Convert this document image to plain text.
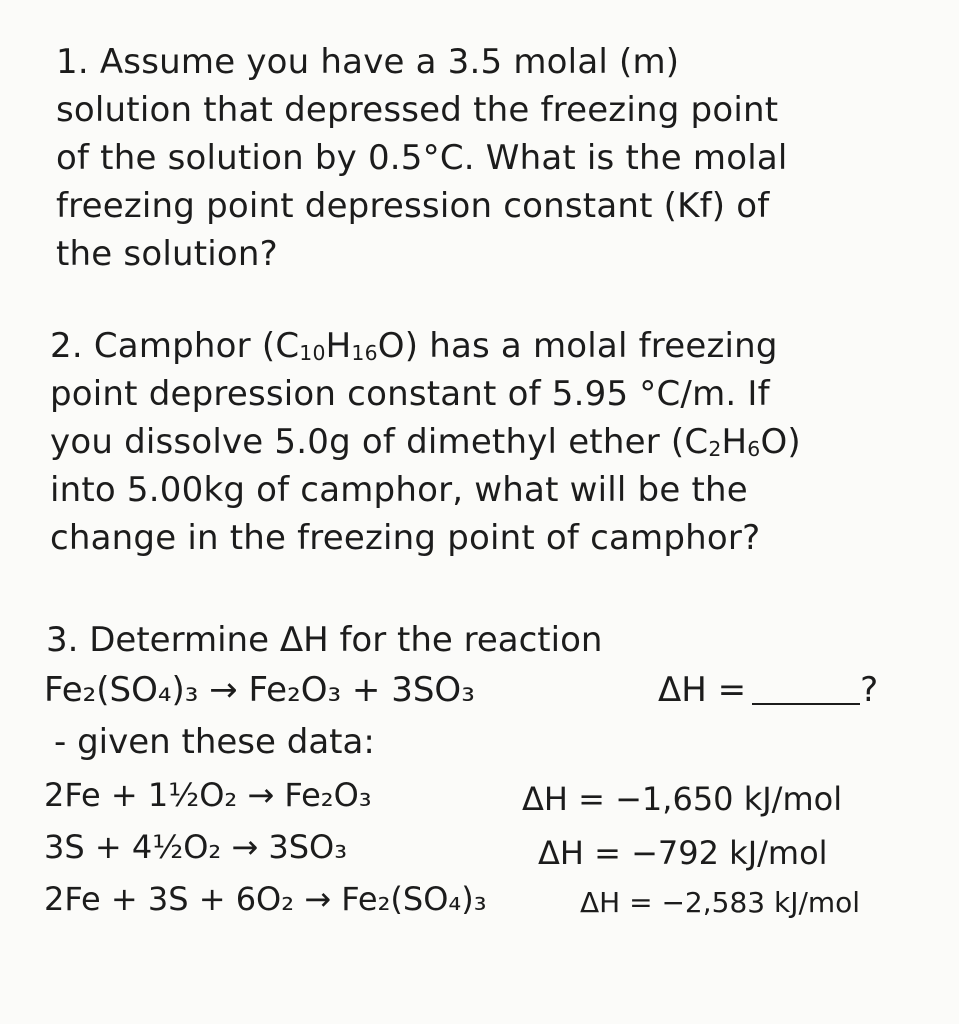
1. Assume you have a 3.5 molal (m)
solution that depressed the freezing point
of the solution by 0.5°C. What is the molal
freezing point depression constant (Kf) of
the solution?
2. Camphor $(C_{10}H_{16}O)$ has a molal freezing
point depression constant of 5.95 °C/m. If
you dissolve 5.0g of dimethyl ether $(C_2H_6O)$
into 5.00kg of camphor, what will be the
change in the freezing point of camphor?
3. Determine ΔH for the reaction
Fe₂(SO₄)₃ → Fe₂O₃ + 3SO₃	ΔH =	?
- given these data:
2Fe + 1½O₂ → Fe₂O₃	ΔH = −1,650 kJ/mol
3S + 4½O₂ → 3SO₃	ΔH = −792 kJ/mol
2Fe + 3S + 6O₂ → Fe₂(SO₄)₃	ΔH = −2,583 kJ/mol
